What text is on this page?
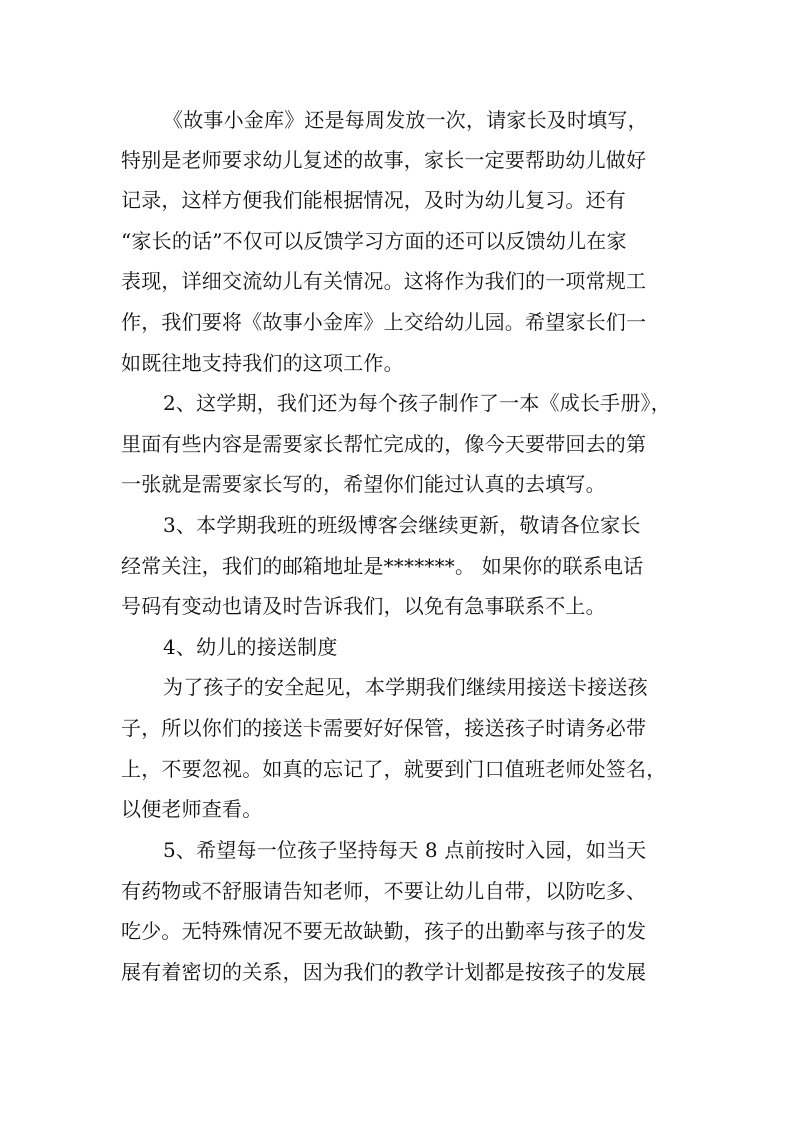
《故事小金库》还是每周发放一次，请家长及时填写，
特别是老师要求幼儿复述的故事，家长一定要帮助幼儿做好
记录，这样方便我们能根据情况，及时为幼儿复习。还有
“家长的话”不仅可以反馈学习方面的还可以反馈幼儿在家
表现，详细交流幼儿有关情况。这将作为我们的一项常规工
作，我们要将《故事小金库》上交给幼儿园。希望家长们一
如既往地支持我们的这项工作。
2、这学期，我们还为每个孩子制作了一本《成长手册》，
里面有些内容是需要家长帮忙完成的，像今天要带回去的第
一张就是需要家长写的，希望你们能过认真的去填写。
3、本学期我班的班级博客会继续更新，敬请各位家长
经常关注，我们的邮箱地址是*******。 如果你的联系电话
号码有变动也请及时告诉我们，以免有急事联系不上。
4、幼儿的接送制度
为了孩子的安全起见，本学期我们继续用接送卡接送孩
子，所以你们的接送卡需要好好保管，接送孩子时请务必带
上，不要忽视。如真的忘记了，就要到门口值班老师处签名，
以便老师查看。
5、希望每一位孩子坚持每天 8 点前按时入园，如当天
有药物或不舒服请告知老师，不要让幼儿自带，以防吃多、
吃少。无特殊情况不要无故缺勤，孩子的出勤率与孩子的发
展有着密切的关系，因为我们的教学计划都是按孩子的发展
